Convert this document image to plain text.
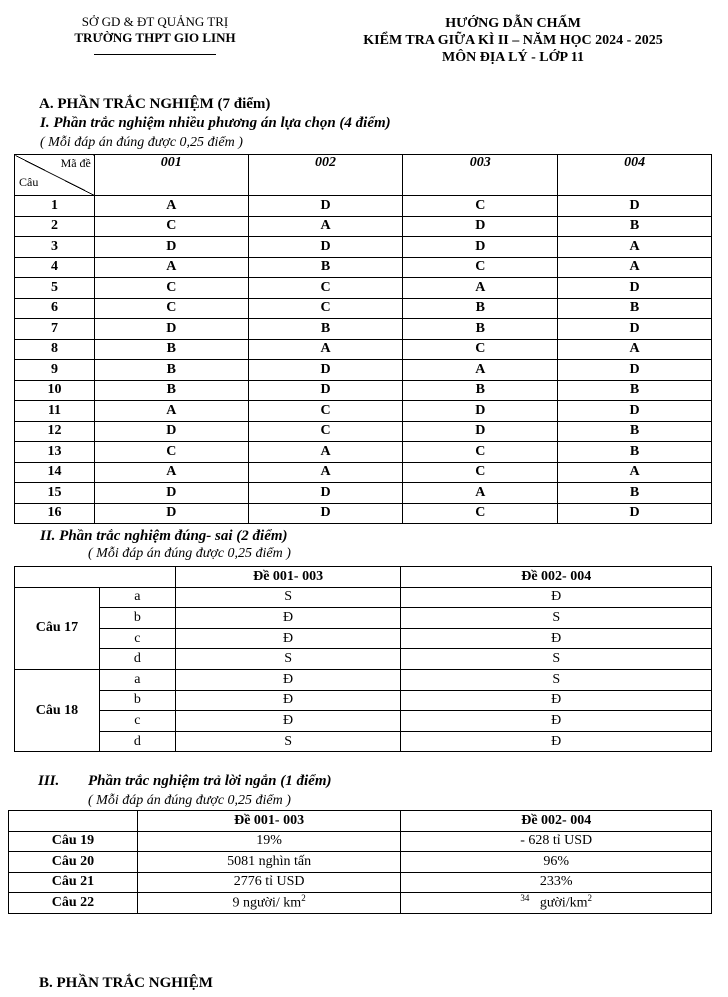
SỞ GD & ĐT QUẢNG TRỊ
TRƯỜNG THPT GIO LINH
HƯỚNG DẪN CHẤM
KIỂM TRA GIỮA KÌ II – NĂM HỌC 2024 - 2025
MÔN ĐỊA LÝ - LỚP 11
A. PHẦN TRẮC NGHIỆM (7 điểm)
I. Phần trắc nghiệm nhiều phương án lựa chọn (4 điểm)
( Mỗi đáp án đúng được 0,25 điểm )
Mã đề
Câu	001	002	003	004
1	A	D	C	D
2	C	A	D	B
3	D	D	D	A
4	A	B	C	A
5	C	C	A	D
6	C	C	B	B
7	D	B	B	D
8	B	A	C	A
9	B	D	A	D
10	B	D	B	B
11	A	C	D	D
12	D	C	D	B
13	C	A	C	B
14	A	A	C	A
15	D	D	A	B
16	D	D	C	D
II. Phần trắc nghiệm đúng- sai (2 điểm)
( Mỗi đáp án đúng được 0,25 điểm )
		Đề 001- 003	Đề 002- 004
Câu 17	a	S	Đ
	b	Đ	S
	c	Đ	Đ
	d	S	S
Câu 18	a	Đ	S
	b	Đ	Đ
	c	Đ	Đ
	d	S	Đ
III. Phần trắc nghiệm trả lời ngắn (1 điểm)
( Mỗi đáp án đúng được 0,25 điểm )
	Đề 001- 003	Đề 002- 004
Câu 19	19%	- 628 tỉ USD
Câu 20	5081 nghìn tấn	96%
Câu 21	2776 tỉ USD	233%
Câu 22	9 người/ $km^2$	$^{34}$ gười/$km^2$
B. PHẦN TRẮC NGHIỆM
